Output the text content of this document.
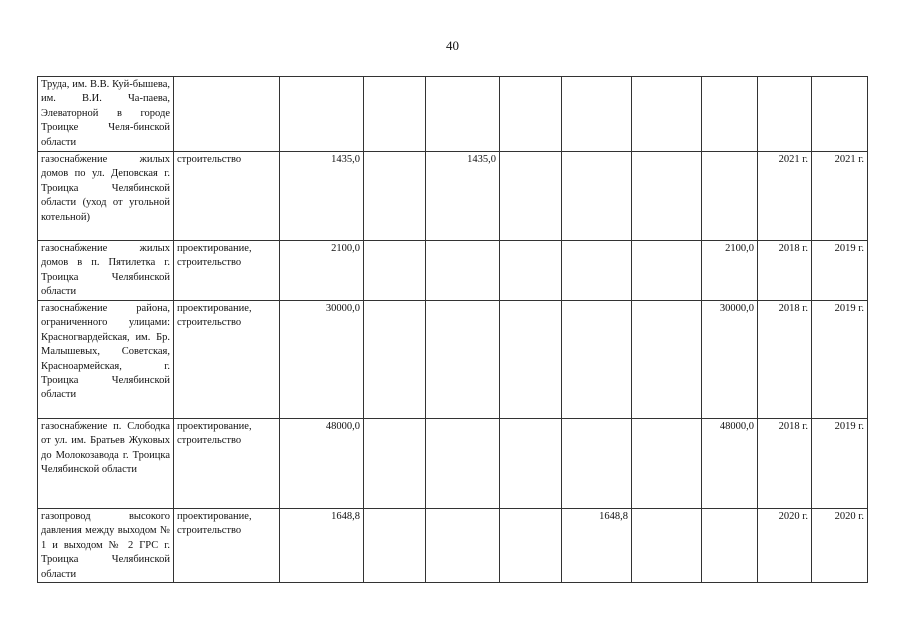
40
Труда, им. В.В. Куй-бышева, им. В.И. Ча-паева, Элеваторной в городе Троицке Челя-бинской области										
газоснабжение жилых домов по ул. Деповская г. Троицка Челябинской области (уход от угольной котельной)	строительство	1435,0		1435,0					2021 г.	2021 г.
газоснабжение жилых домов в п. Пятилетка г. Троицка Челябинской области	проектирование, строительство	2100,0						2100,0	2018 г.	2019 г.
газоснабжение района, ограниченного улицами: Красногвардейская, им. Бр. Малышевых, Советская, Красноармейская, г. Троицка Челябинской области	проектирование, строительство	30000,0						30000,0	2018 г.	2019 г.
газоснабжение п. Слободка от ул. им. Братьев Жуковых до Молокозавода г. Троицка Челябинской области	проектирование, строительство	48000,0						48000,0	2018 г.	2019 г.
газопровод высокого давления между выходом № 1 и выходом № 2 ГРС г. Троицка Челябинской области	проектирование, строительство	1648,8				1648,8			2020 г.	2020 г.
